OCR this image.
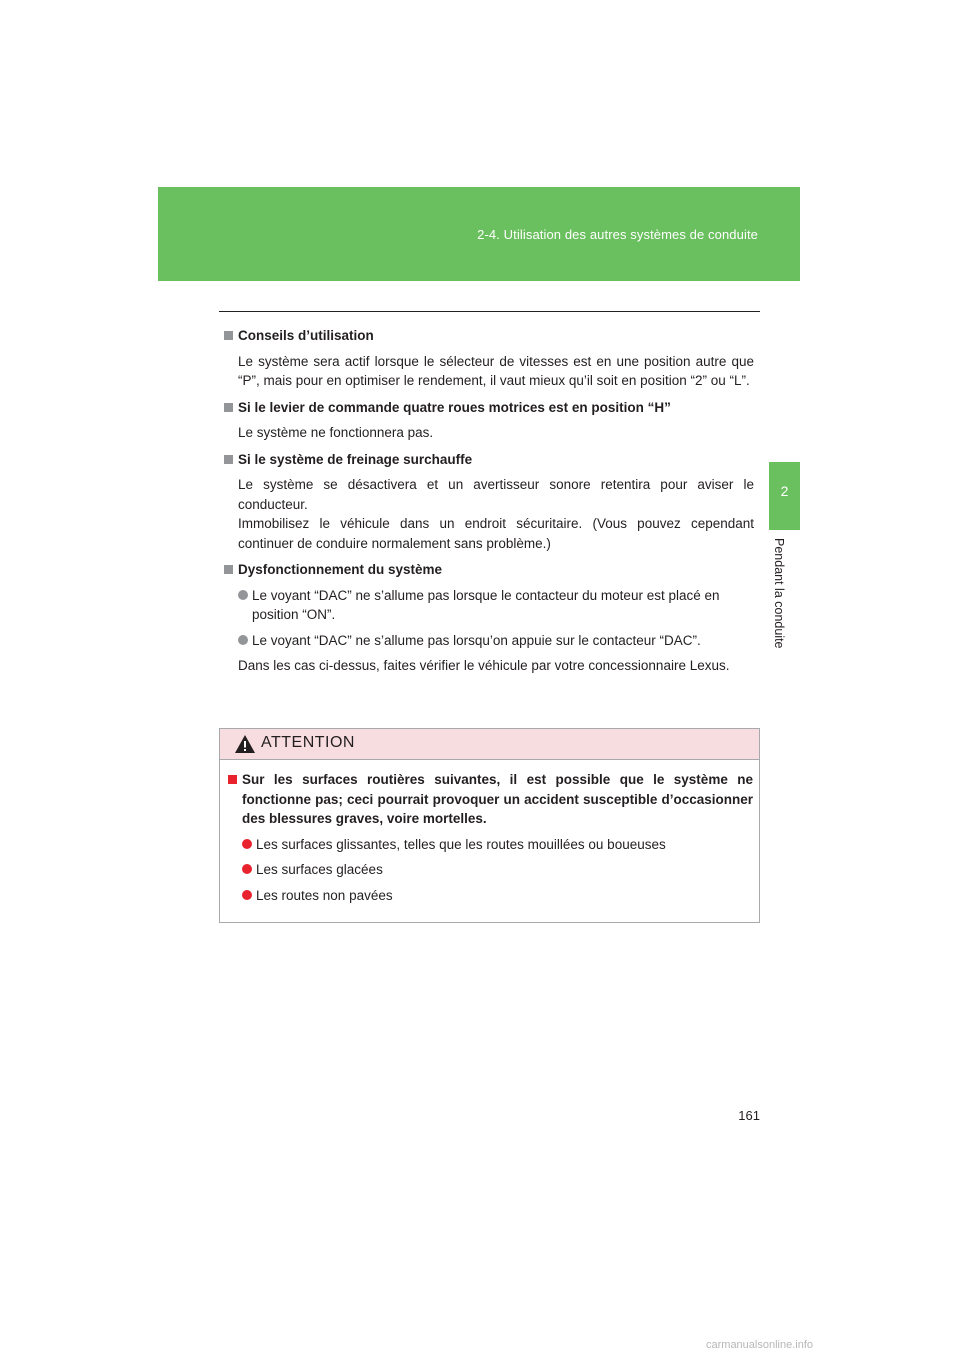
2-4. Utilisation des autres systèmes de conduite
2
Pendant la conduite

Conseils d’utilisation

Le système sera actif lorsque le sélecteur de vitesses est en une position autre que “P”, mais pour en optimiser le rendement, il vaut mieux qu’il soit en position “2” ou “L”.

Si le levier de commande quatre roues motrices est en position “H”

Le système ne fonctionnera pas.

Si le système de freinage surchauffe

Le système se désactivera et un avertisseur sonore retentira pour aviser le conducteur.
Immobilisez le véhicule dans un endroit sécuritaire. (Vous pouvez cependant continuer de conduire normalement sans problème.)

Dysfonctionnement du système

Le voyant “DAC” ne s’allume pas lorsque le contacteur du moteur est placé en position “ON”.
Le voyant “DAC” ne s’allume pas lorsqu’on appuie sur le contacteur “DAC”.

Dans les cas ci-dessus, faites vérifier le véhicule par votre concessionnaire Lexus.

ATTENTION

Sur les surfaces routières suivantes, il est possible que le système ne fonctionne pas; ceci pourrait provoquer un accident susceptible d’occasionner des blessures graves, voire mortelles.

Les surfaces glissantes, telles que les routes mouillées ou boueuses
Les surfaces glacées
Les routes non pavées
161
carmanualsonline.info
